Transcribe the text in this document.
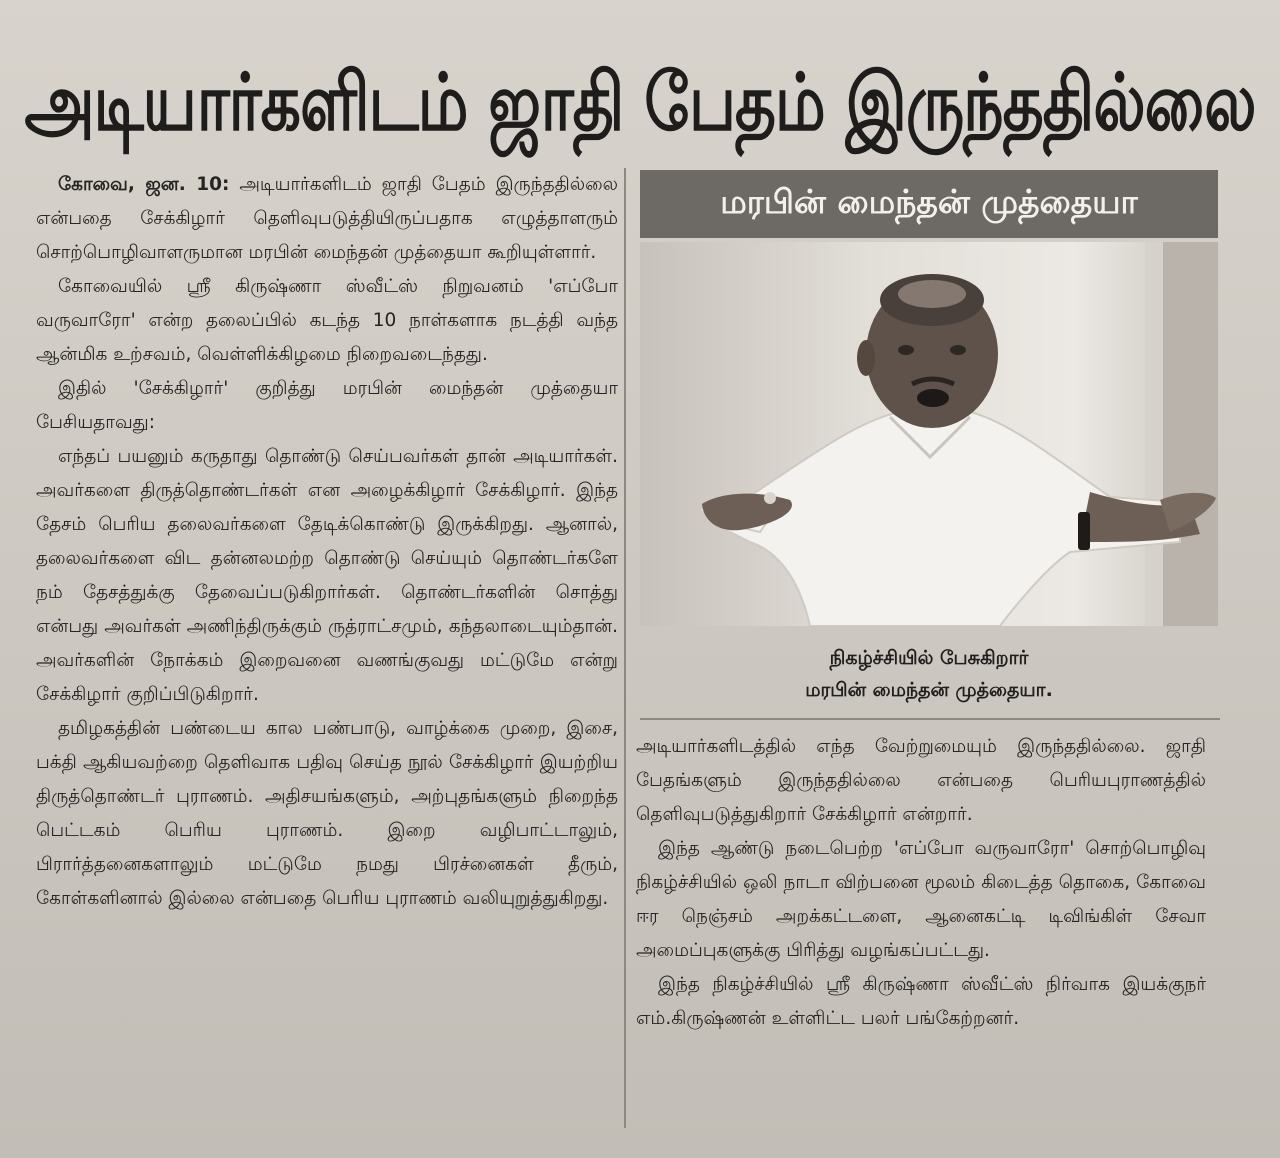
அடியார்களிடம் ஜாதி பேதம் இருந்ததில்லை

கோவை, ஜன. 10: அடியார்களிடம் ஜாதி பேதம் இருந்ததில்லை என்பதை சேக்கிழார் தெளிவுபடுத்தியிருப்பதாக எழுத்தாளரும் சொற்பொழிவாளருமான மரபின் மைந்தன் முத்தையா கூறியுள்ளார்.

கோவையில் ஸ்ரீ கிருஷ்ணா ஸ்வீட்ஸ் நிறுவனம் 'எப்போ வருவாரோ' என்ற தலைப்பில் கடந்த 10 நாள்களாக நடத்தி வந்த ஆன்மிக உற்சவம், வெள்ளிக்கிழமை நிறைவடைந்தது.

இதில் 'சேக்கிழார்' குறித்து மரபின் மைந்தன் முத்தையா பேசியதாவது:

எந்தப் பயனும் கருதாது தொண்டு செய்பவர்கள் தான் அடியார்கள். அவர்களை திருத்தொண்டர்கள் என அழைக்கிழார் சேக்கிழார். இந்த தேசம் பெரிய தலைவர்களை தேடிக்கொண்டு இருக்கிறது. ஆனால், தலைவர்களை விட தன்னலமற்ற தொண்டு செய்யும் தொண்டர்களே நம் தேசத்துக்கு தேவைப்படுகிறார்கள். தொண்டர்களின் சொத்து என்பது அவர்கள் அணிந்திருக்கும் ருத்ராட்சமும், கந்தலாடையும்தான். அவர்களின் நோக்கம் இறைவனை வணங்குவது மட்டுமே என்று சேக்கிழார் குறிப்பிடுகிறார்.

தமிழகத்தின் பண்டைய கால பண்பாடு, வாழ்க்கை முறை, இசை, பக்தி ஆகியவற்றை தெளிவாக பதிவு செய்த நூல் சேக்கிழார் இயற்றிய திருத்தொண்டர் புராணம். அதிசயங்களும், அற்புதங்களும் நிறைந்த பெட்டகம் பெரிய புராணம். இறை வழிபாட்டாலும், பிரார்த்தனைகளாலும் மட்டுமே நமது பிரச்னைகள் தீரும், கோள்களினால் இல்லை என்பதை பெரிய புராணம் வலியுறுத்துகிறது.

மரபின் மைந்தன் முத்தையா
நிகழ்ச்சியில் பேசுகிறார்
மரபின் மைந்தன் முத்தையா.

அடியார்களிடத்தில் எந்த வேற்றுமையும் இருந்ததில்லை. ஜாதி பேதங்களும் இருந்ததில்லை என்பதை பெரியபுராணத்தில் தெளிவுபடுத்துகிறார் சேக்கிழார் என்றார்.

இந்த ஆண்டு நடைபெற்ற 'எப்போ வருவாரோ' சொற்பொழிவு நிகழ்ச்சியில் ஒலி நாடா விற்பனை மூலம் கிடைத்த தொகை, கோவை ஈர நெஞ்சம் அறக்கட்டளை, ஆனைகட்டி டிவிங்கிள் சேவா அமைப்புகளுக்கு பிரித்து வழங்கப்பட்டது.

இந்த நிகழ்ச்சியில் ஸ்ரீ கிருஷ்ணா ஸ்வீட்ஸ் நிர்வாக இயக்குநர் எம்.கிருஷ்ணன் உள்ளிட்ட பலர் பங்கேற்றனர்.
